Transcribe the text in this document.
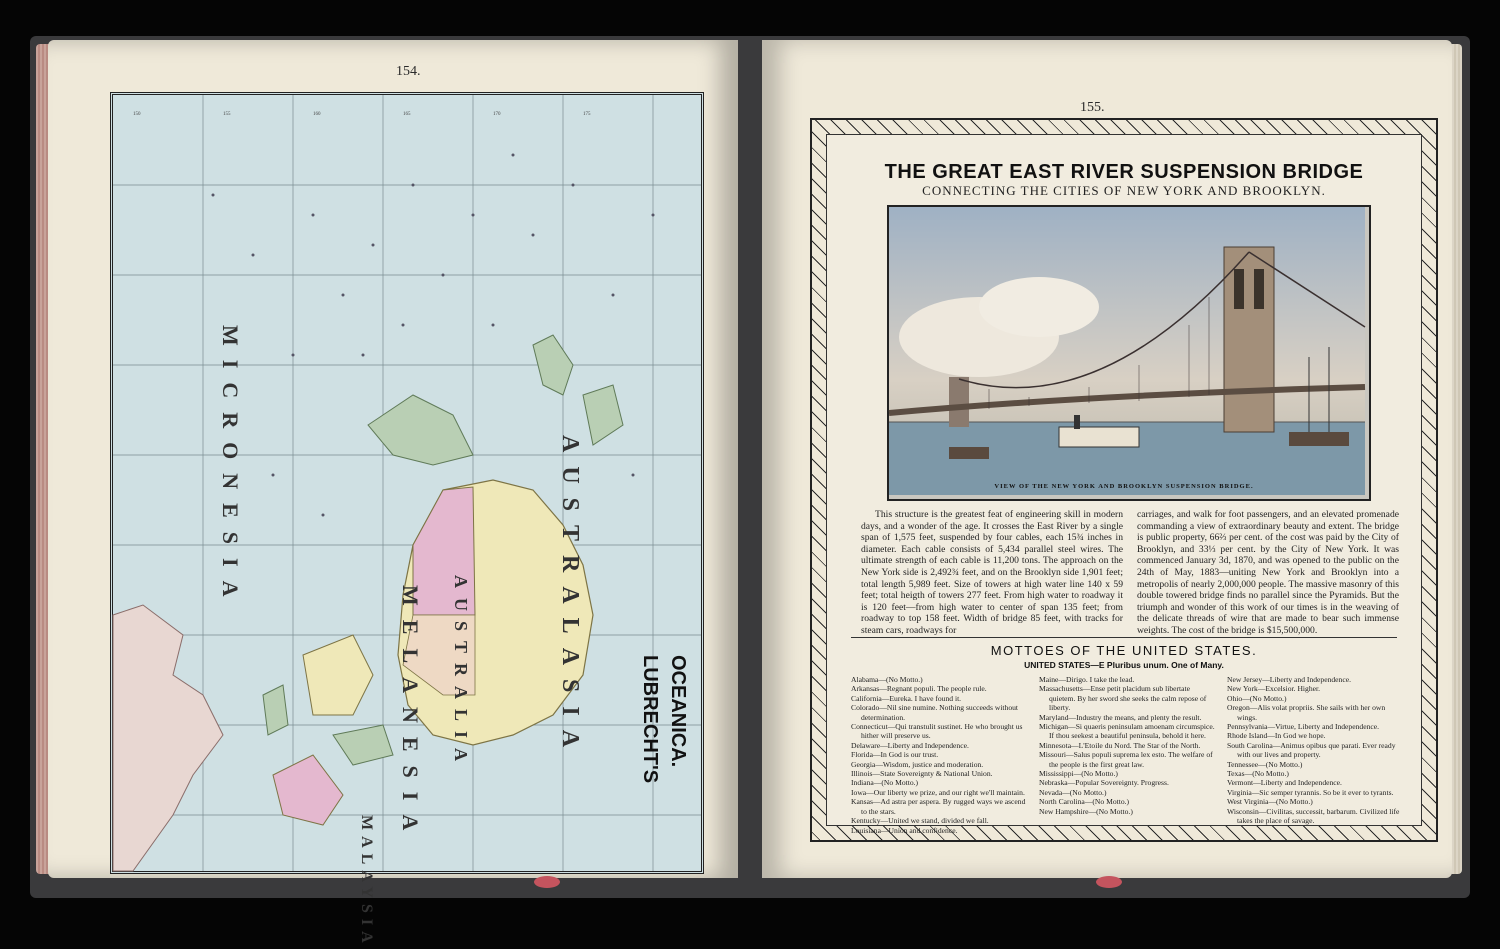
154.
150	155	160	165	170	175
MICRONESIA
MELANESIA	AUSTRALASIA
MALAYSIA
AUSTRALIA	LUBRECHT'S OCEANICA.
155.
THE GREAT EAST RIVER SUSPENSION BRIDGE
CONNECTING THE CITIES OF NEW YORK AND BROOKLYN.
VIEW OF THE NEW YORK AND BROOKLYN SUSPENSION BRIDGE.
This structure is the greatest feat of engineering skill in modern days, and a wonder of the age. It crosses the East River by a single span of 1,575 feet, suspended by four cables, each 15¾ inches in diameter. Each cable consists of 5,434 parallel steel wires. The ultimate strength of each cable is 11,200 tons. The approach on the New York side is 2,492¾ feet, and on the Brooklyn side 1,901 feet; total length 5,989 feet. Size of towers at high water line 140 x 59 feet; total heigth of towers 277 feet. From high water to roadway it is 120 feet—from high water to center of span 135 feet; from roadway to top 158 feet. Width of bridge 85 feet, with tracks for steam cars, roadways for
carriages, and walk for foot passengers, and an elevated promenade commanding a view of extraordinary beauty and extent. The bridge is public property, 66⅔ per cent. of the cost was paid by the City of Brooklyn, and 33⅓ per cent. by the City of New York. It was commenced January 3d, 1870, and was opened to the public on the 24th of May, 1883—uniting New York and Brooklyn into a metropolis of nearly 2,000,000 people. The massive masonry of this double towered bridge finds no parallel since the Pyramids. But the triumph and wonder of this work of our times is in the weaving of the delicate threads of wire that are made to bear such immense weights. The cost of the bridge is $15,500,000.
MOTTOES OF THE UNITED STATES.
UNITED STATES—E Pluribus unum. One of Many.
Alabama—(No Motto.)
Arkansas—Regnant populi. The people rule.
California—Eureka. I have found it.
Colorado—Nil sine numine. Nothing succeeds without determination.
Connecticut—Qui transtulit sustinet. He who brought us hither will preserve us.
Delaware—Liberty and Independence.
Florida—In God is our trust.
Georgia—Wisdom, justice and moderation.
Illinois—State Sovereignty & National Union.
Indiana—(No Motto.)
Iowa—Our liberty we prize, and our right we'll maintain.
Kansas—Ad astra per aspera. By rugged ways we ascend to the stars.
Kentucky—United we stand, divided we fall.
Louisiana—Union and confidence.
Maine—Dirigo. I take the lead.
Massachusetts—Ense petit placidum sub libertate quietem. By her sword she seeks the calm repose of liberty.
Maryland—Industry the means, and plenty the result.
Michigan—Si quaeris peninsulam amoenam circumspice. If thou seekest a beautiful peninsula, behold it here.
Minnesota—L'Etoile du Nord. The Star of the North.
Missouri—Salus populi suprema lex esto. The welfare of the people is the first great law.
Mississippi—(No Motto.)
Nebraska—Popular Sovereignty. Progress.
Nevada—(No Motto.)
North Carolina—(No Motto.)
New Hampshire—(No Motto.)
New Jersey—Liberty and Independence.
New York—Excelsior. Higher.
Ohio—(No Motto.)
Oregon—Alis volat propriis. She sails with her own wings.
Pennsylvania—Virtue, Liberty and Independence.
Rhode Island—In God we hope.
South Carolina—Animus opibus que parati. Ever ready with our lives and property.
Tennessee—(No Motto.)
Texas—(No Motto.)
Vermont—Liberty and Independence.
Virginia—Sic semper tyrannis. So be it ever to tyrants.
West Virginia—(No Motto.)
Wisconsin—Civilitas, successit, barbarum. Civilized life takes the place of savage.
